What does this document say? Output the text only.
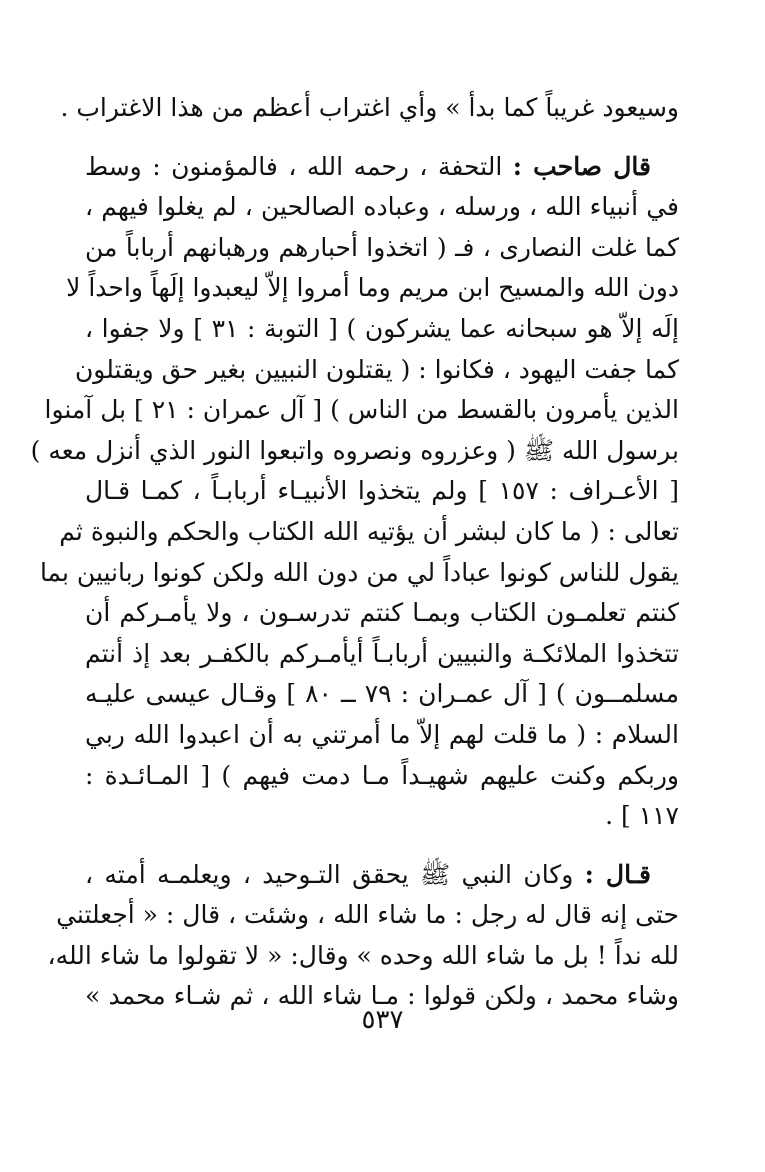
وسيعود غريباً كما بدأ » وأي اغتراب أعظم من هذا الاغتراب .
قال صاحب : التحفة ، رحمه الله ، فالمؤمنون : وسط
في أنبياء الله ، ورسله ، وعباده الصالحين ، لم يغلوا فيهم ،
كما غلت النصارى ، فـ ( اتخذوا أحبارهم ورهبانهم أرباباً من
دون الله والمسيح ابن مريم وما أمروا إلاّ ليعبدوا إلَهاً واحداً لا
إلَه إلاّ هو سبحانه عما يشركون ) [ التوبة : ٣١ ] ولا جفوا ،
كما جفت اليهود ، فكانوا : ( يقتلون النبيين بغير حق ويقتلون
الذين يأمرون بالقسط من الناس ) [ آل عمران : ٢١ ] بل آمنوا
برسول الله ﷺ ( وعزروه ونصروه واتبعوا النور الذي أنزل معه )
[ الأعـراف : ١٥٧ ] ولم يتخذوا الأنبيـاء أربابـاً ، كمـا قـال
تعالى : ( ما كان لبشر أن يؤتيه الله الكتاب والحكم والنبوة ثم
يقول للناس كونوا عباداً لي من دون الله ولكن كونوا ربانيين بما
كنتم تعلمـون الكتاب وبمـا كنتم تدرسـون ، ولا يأمـركم أن
تتخذوا الملائكـة والنبيين أربابـاً أيأمـركم بالكفـر بعد إذ أنتم
مسلمــون ) [ آل عمـران : ٧٩ ــ ٨٠ ] وقـال عيسى عليـه
السلام : ( ما قلت لهم إلاّ ما أمرتني به أن اعبدوا الله ربي
وربكم وكنت عليهم شهيـداً مـا دمت فيهم ) [ المـائـدة :
١١٧ ] .
قـال : وكان النبي ﷺ يحقق التـوحيد ، ويعلمـه أمته ،
حتى إنه قال له رجل : ما شاء الله ، وشئت ، قال : « أجعلتني
لله نداً ! بل ما شاء الله وحده » وقال: « لا تقولوا ما شاء الله،
وشاء محمد ، ولكن قولوا : مـا شاء الله ، ثم شـاء محمد »
٥٣٧
